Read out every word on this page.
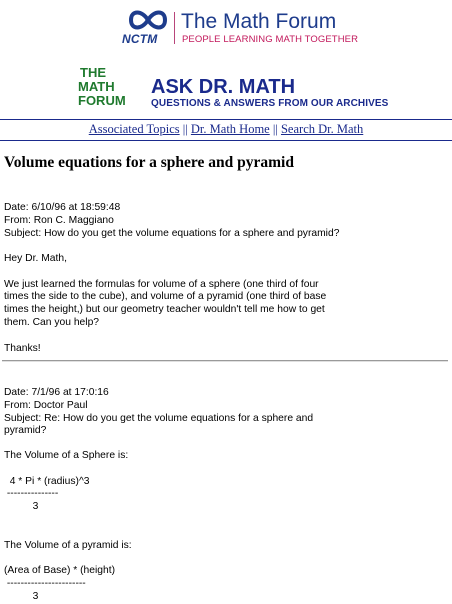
NCTM
The Math Forum
PEOPLE LEARNING MATH TOGETHER
THE
MATH
FORUM
ASK DR. MATH
QUESTIONS & ANSWERS FROM OUR ARCHIVES
Associated Topics || Dr. Math Home || Search Dr. Math
Volume equations for a sphere and pyramid
Date: 6/10/96 at 18:59:48
From: Ron C. Maggiano
Subject: How do you get the volume equations for a sphere and pyramid?
Hey Dr. Math,

We just learned the formulas for volume of a sphere (one third of four
times the side to the cube), and volume of a pyramid (one third of base
times the height,) but our geometry teacher wouldn't tell me how to get
them. Can you help?

Thanks!
Date: 7/1/96 at 17:0:16
From: Doctor Paul
Subject: Re: How do you get the volume equations for a sphere and
pyramid?
The Volume of a Sphere is:

4 * Pi * (radius)^3
---------------
3

The Volume of a pyramid is:

(Area of Base) * (height)
-----------------------
3
